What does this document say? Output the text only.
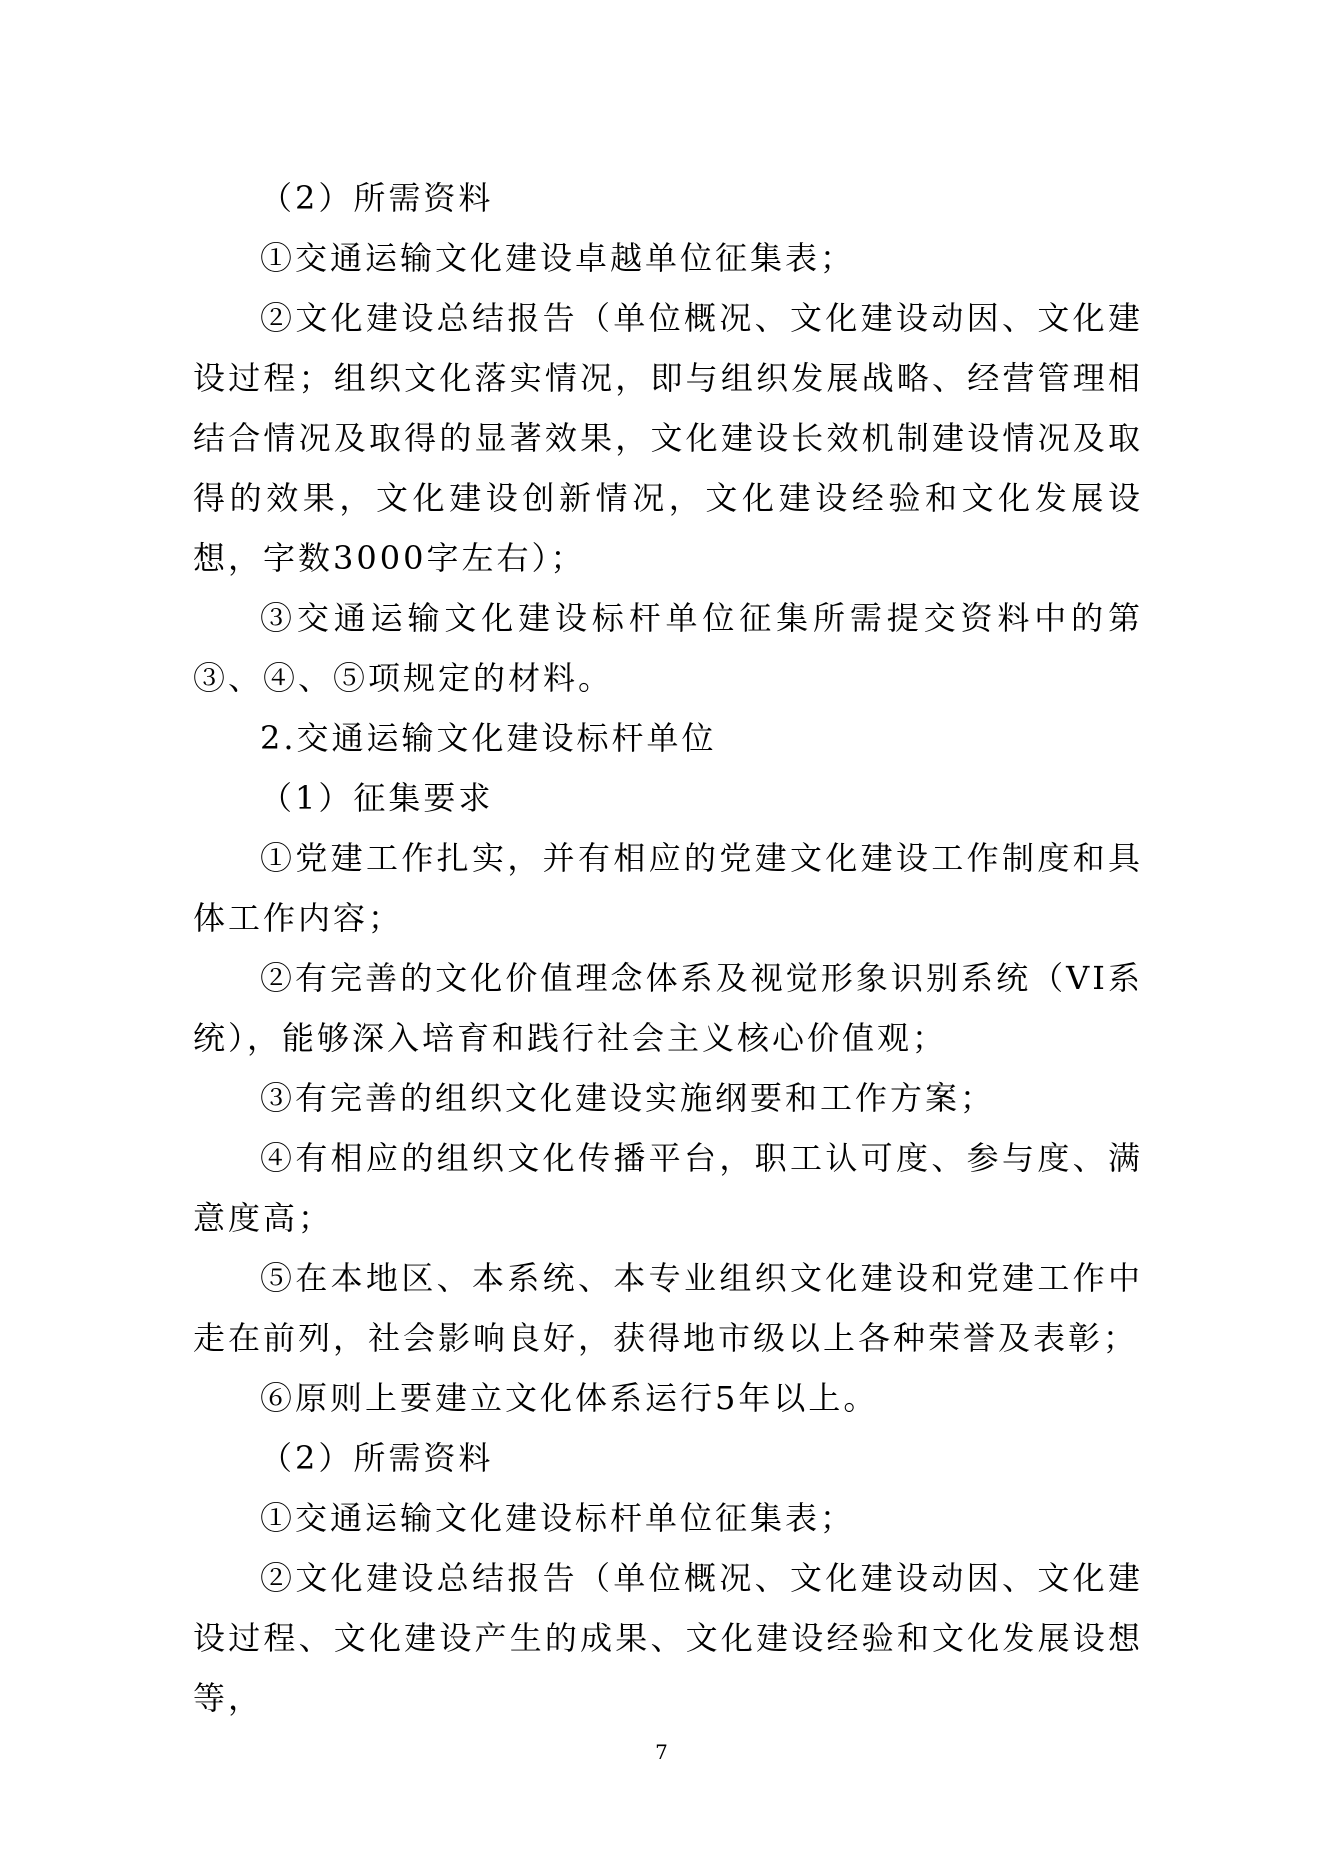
（2）所需资料

①交通运输文化建设卓越单位征集表；

②文化建设总结报告（单位概况、文化建设动因、文化建设过程；组织文化落实情况，即与组织发展战略、经营管理相结合情况及取得的显著效果，文化建设长效机制建设情况及取得的效果，文化建设创新情况，文化建设经验和文化发展设想，字数3000字左右）；

③交通运输文化建设标杆单位征集所需提交资料中的第③、④、⑤项规定的材料。

2.交通运输文化建设标杆单位

（1）征集要求

①党建工作扎实，并有相应的党建文化建设工作制度和具体工作内容；

②有完善的文化价值理念体系及视觉形象识别系统（VI系统），能够深入培育和践行社会主义核心价值观；

③有完善的组织文化建设实施纲要和工作方案；

④有相应的组织文化传播平台，职工认可度、参与度、满意度高；

⑤在本地区、本系统、本专业组织文化建设和党建工作中走在前列，社会影响良好，获得地市级以上各种荣誉及表彰；

⑥原则上要建立文化体系运行5年以上。

（2）所需资料

①交通运输文化建设标杆单位征集表；

②文化建设总结报告（单位概况、文化建设动因、文化建设过程、文化建设产生的成果、文化建设经验和文化发展设想等，

7
